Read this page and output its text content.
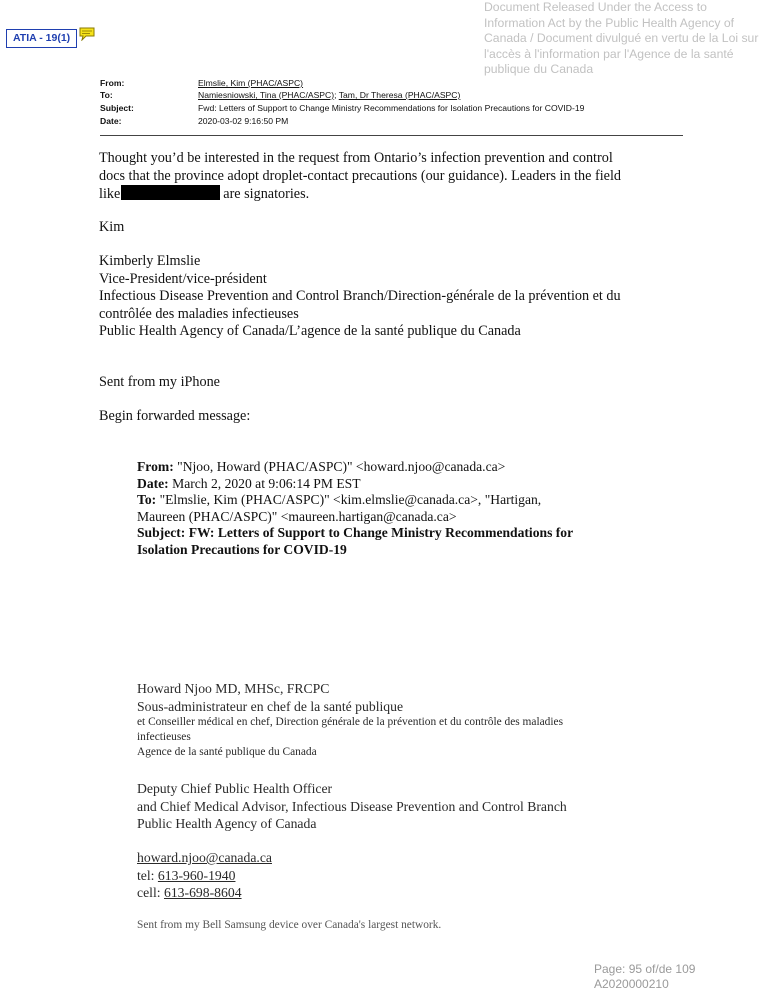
Document Released Under the Access to
Information Act by the Public Health Agency of
Canada / Document divulgué en vertu de la Loi sur
l'accès à l'information par l'Agence de la santé
publique du Canada
ATIA - 19(1)
From:	Elmslie, Kim (PHAC/ASPC)
To:	Namiesniowski, Tina (PHAC/ASPC); Tam, Dr Theresa (PHAC/ASPC)
Subject:	Fwd: Letters of Support to Change Ministry Recommendations for Isolation Precautions for COVID-19
Date:	2020-03-02 9:16:50 PM
Thought you’d be interested in the request from Ontario’s infection prevention and control
docs that the province adopt droplet-contact precautions (our guidance). Leaders in the field
like	are signatories.
Kim
Kimberly Elmslie
Vice-President/vice-président
Infectious Disease Prevention and Control Branch/Direction-générale de la prévention et du
contrôlée des maladies infectieuses
Public Health Agency of Canada/L’agence de la santé publique du Canada
Sent from my iPhone
Begin forwarded message:
From: "Njoo, Howard (PHAC/ASPC)" <howard.njoo@canada.ca>
Date: March 2, 2020 at 9:06:14 PM EST
To: "Elmslie, Kim (PHAC/ASPC)" <kim.elmslie@canada.ca>, "Hartigan,
Maureen (PHAC/ASPC)" <maureen.hartigan@canada.ca>
Subject: FW: Letters of Support to Change Ministry Recommendations for
Isolation Precautions for COVID-19
Howard Njoo MD, MHSc, FRCPC
Sous-administrateur en chef de la santé publique
et Conseiller médical en chef, Direction générale de la prévention et du contrôle des maladies
infectieuses
Agence de la santé publique du Canada
Deputy Chief Public Health Officer
and Chief Medical Advisor, Infectious Disease Prevention and Control Branch
Public Health Agency of Canada
howard.njoo@canada.ca
tel: 613-960-1940
cell: 613-698-8604
Sent from my Bell Samsung device over Canada's largest network.
Page: 95 of/de 109
A2020000210
